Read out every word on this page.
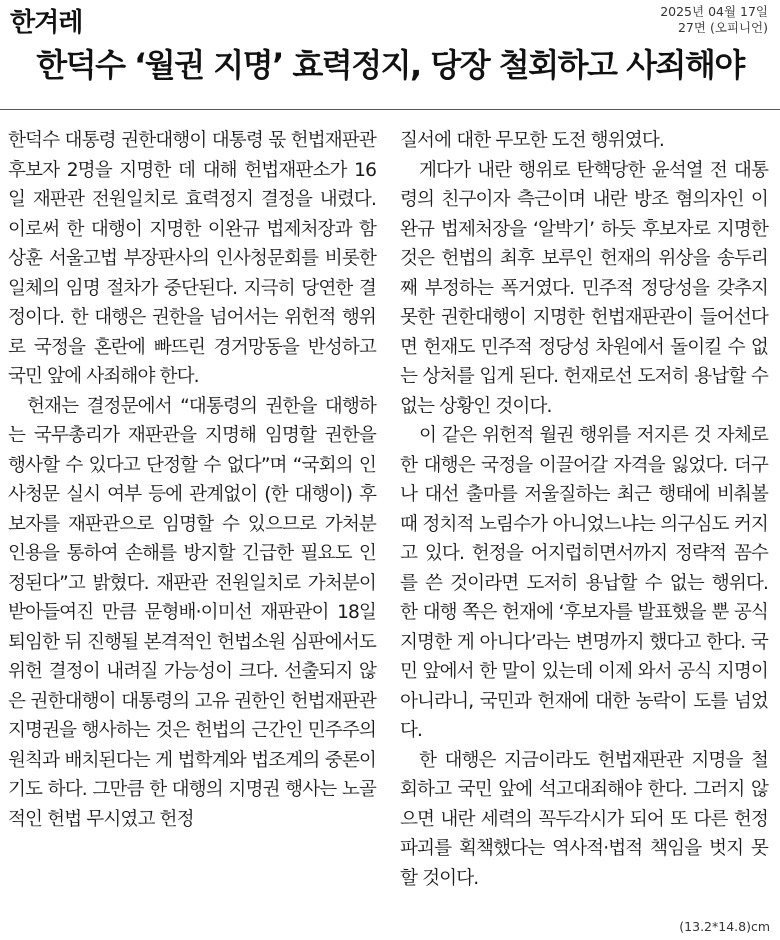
한겨레	2025년 04월 17일
27면 (오피니언)
한덕수 ‘월권 지명’ 효력정지, 당장 철회하고 사죄해야

한덕수 대통령 권한대행이 대통령 몫 헌법재판관 후보자 2명을 지명한 데 대해 헌법재판소가 16일 재판관 전원일치로 효력정지 결정을 내렸다. 이로써 한 대행이 지명한 이완규 법제처장과 함상훈 서울고법 부장판사의 인사청문회를 비롯한 일체의 임명 절차가 중단된다. 지극히 당연한 결정이다. 한 대행은 권한을 넘어서는 위헌적 행위로 국정을 혼란에 빠뜨린 경거망동을 반성하고 국민 앞에 사죄해야 한다.

헌재는 결정문에서 “대통령의 권한을 대행하는 국무총리가 재판관을 지명해 임명할 권한을 행사할 수 있다고 단정할 수 없다”며 “국회의 인사청문 실시 여부 등에 관계없이 (한 대행이) 후보자를 재판관으로 임명할 수 있으므로 가처분 인용을 통하여 손해를 방지할 긴급한 필요도 인정된다”고 밝혔다. 재판관 전원일치로 가처분이 받아들여진 만큼 문형배·이미선 재판관이 18일 퇴임한 뒤 진행될 본격적인 헌법소원 심판에서도 위헌 결정이 내려질 가능성이 크다. 선출되지 않은 권한대행이 대통령의 고유 권한인 헌법재판관 지명권을 행사하는 것은 헌법의 근간인 민주주의 원칙과 배치된다는 게 법학계와 법조계의 중론이기도 하다. 그만큼 한 대행의 지명권 행사는 노골적인 헌법 무시였고 헌정

질서에 대한 무모한 도전 행위였다.

게다가 내란 행위로 탄핵당한 윤석열 전 대통령의 친구이자 측근이며 내란 방조 혐의자인 이완규 법제처장을 ‘알박기’ 하듯 후보자로 지명한 것은 헌법의 최후 보루인 헌재의 위상을 송두리째 부정하는 폭거였다. 민주적 정당성을 갖추지 못한 권한대행이 지명한 헌법재판관이 들어선다면 헌재도 민주적 정당성 차원에서 돌이킬 수 없는 상처를 입게 된다. 헌재로선 도저히 용납할 수 없는 상황인 것이다.

이 같은 위헌적 월권 행위를 저지른 것 자체로 한 대행은 국정을 이끌어갈 자격을 잃었다. 더구나 대선 출마를 저울질하는 최근 행태에 비춰볼 때 정치적 노림수가 아니었느냐는 의구심도 커지고 있다. 헌정을 어지럽히면서까지 정략적 꼼수를 쓴 것이라면 도저히 용납할 수 없는 행위다. 한 대행 쪽은 헌재에 ‘후보자를 발표했을 뿐 공식 지명한 게 아니다’라는 변명까지 했다고 한다. 국민 앞에서 한 말이 있는데 이제 와서 공식 지명이 아니라니, 국민과 헌재에 대한 농락이 도를 넘었다.

한 대행은 지금이라도 헌법재판관 지명을 철회하고 국민 앞에 석고대죄해야 한다. 그러지 않으면 내란 세력의 꼭두각시가 되어 또 다른 헌정 파괴를 획책했다는 역사적·법적 책임을 벗지 못할 것이다.

(13.2*14.8)cm
